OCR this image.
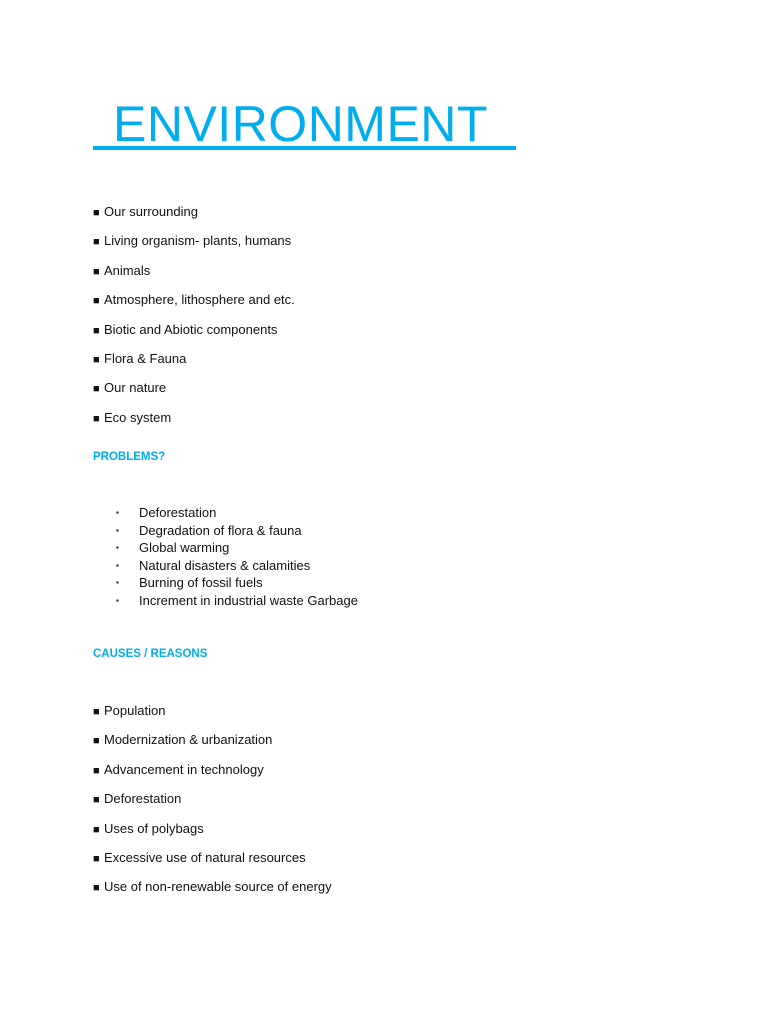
ENVIRONMENT
■ Our surrounding
■ Living organism- plants, humans
■ Animals
■ Atmosphere, lithosphere and etc.
■ Biotic and Abiotic components
■ Flora & Fauna
■ Our nature
■ Eco system
PROBLEMS?
▪ Deforestation
▪ Degradation of flora & fauna
▪ Global warming
▪ Natural disasters & calamities
▪ Burning of fossil fuels
▪ Increment in industrial waste Garbage
CAUSES / REASONS
■ Population
■ Modernization & urbanization
■ Advancement in technology
■ Deforestation
■ Uses of polybags
■ Excessive use of natural resources
■ Use of non-renewable source of energy
